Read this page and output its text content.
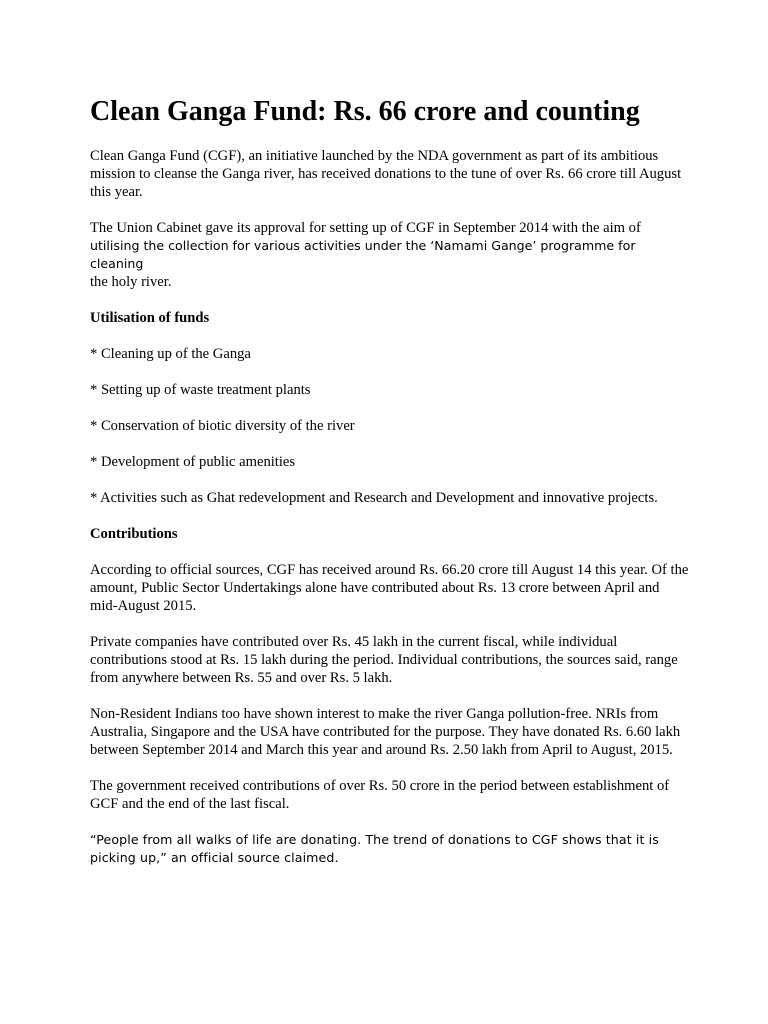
Clean Ganga Fund: Rs. 66 crore and counting

Clean Ganga Fund (CGF), an initiative launched by the NDA government as part of its ambitious mission to cleanse the Ganga river, has received donations to the tune of over Rs. 66 crore till August this year.

The Union Cabinet gave its approval for setting up of CGF in September 2014 with the aim of
utilising the collection for various activities under the ‘Namami Gange’ programme for cleaning
the holy river.

Utilisation of funds

* Cleaning up of the Ganga

* Setting up of waste treatment plants

* Conservation of biotic diversity of the river

* Development of public amenities

* Activities such as Ghat redevelopment and Research and Development and innovative projects.

Contributions

According to official sources, CGF has received around Rs. 66.20 crore till August 14 this year. Of the amount, Public Sector Undertakings alone have contributed about Rs. 13 crore between April and mid-August 2015.

Private companies have contributed over Rs. 45 lakh in the current fiscal, while individual contributions stood at Rs. 15 lakh during the period. Individual contributions, the sources said, range from anywhere between Rs. 55 and over Rs. 5 lakh.

Non-Resident Indians too have shown interest to make the river Ganga pollution-free. NRIs from Australia, Singapore and the USA have contributed for the purpose. They have donated Rs. 6.60 lakh between September 2014 and March this year and around Rs. 2.50 lakh from April to August, 2015.

The government received contributions of over Rs. 50 crore in the period between establishment of GCF and the end of the last fiscal.

“People from all walks of life are donating. The trend of donations to CGF shows that it is picking up,” an official source claimed.
